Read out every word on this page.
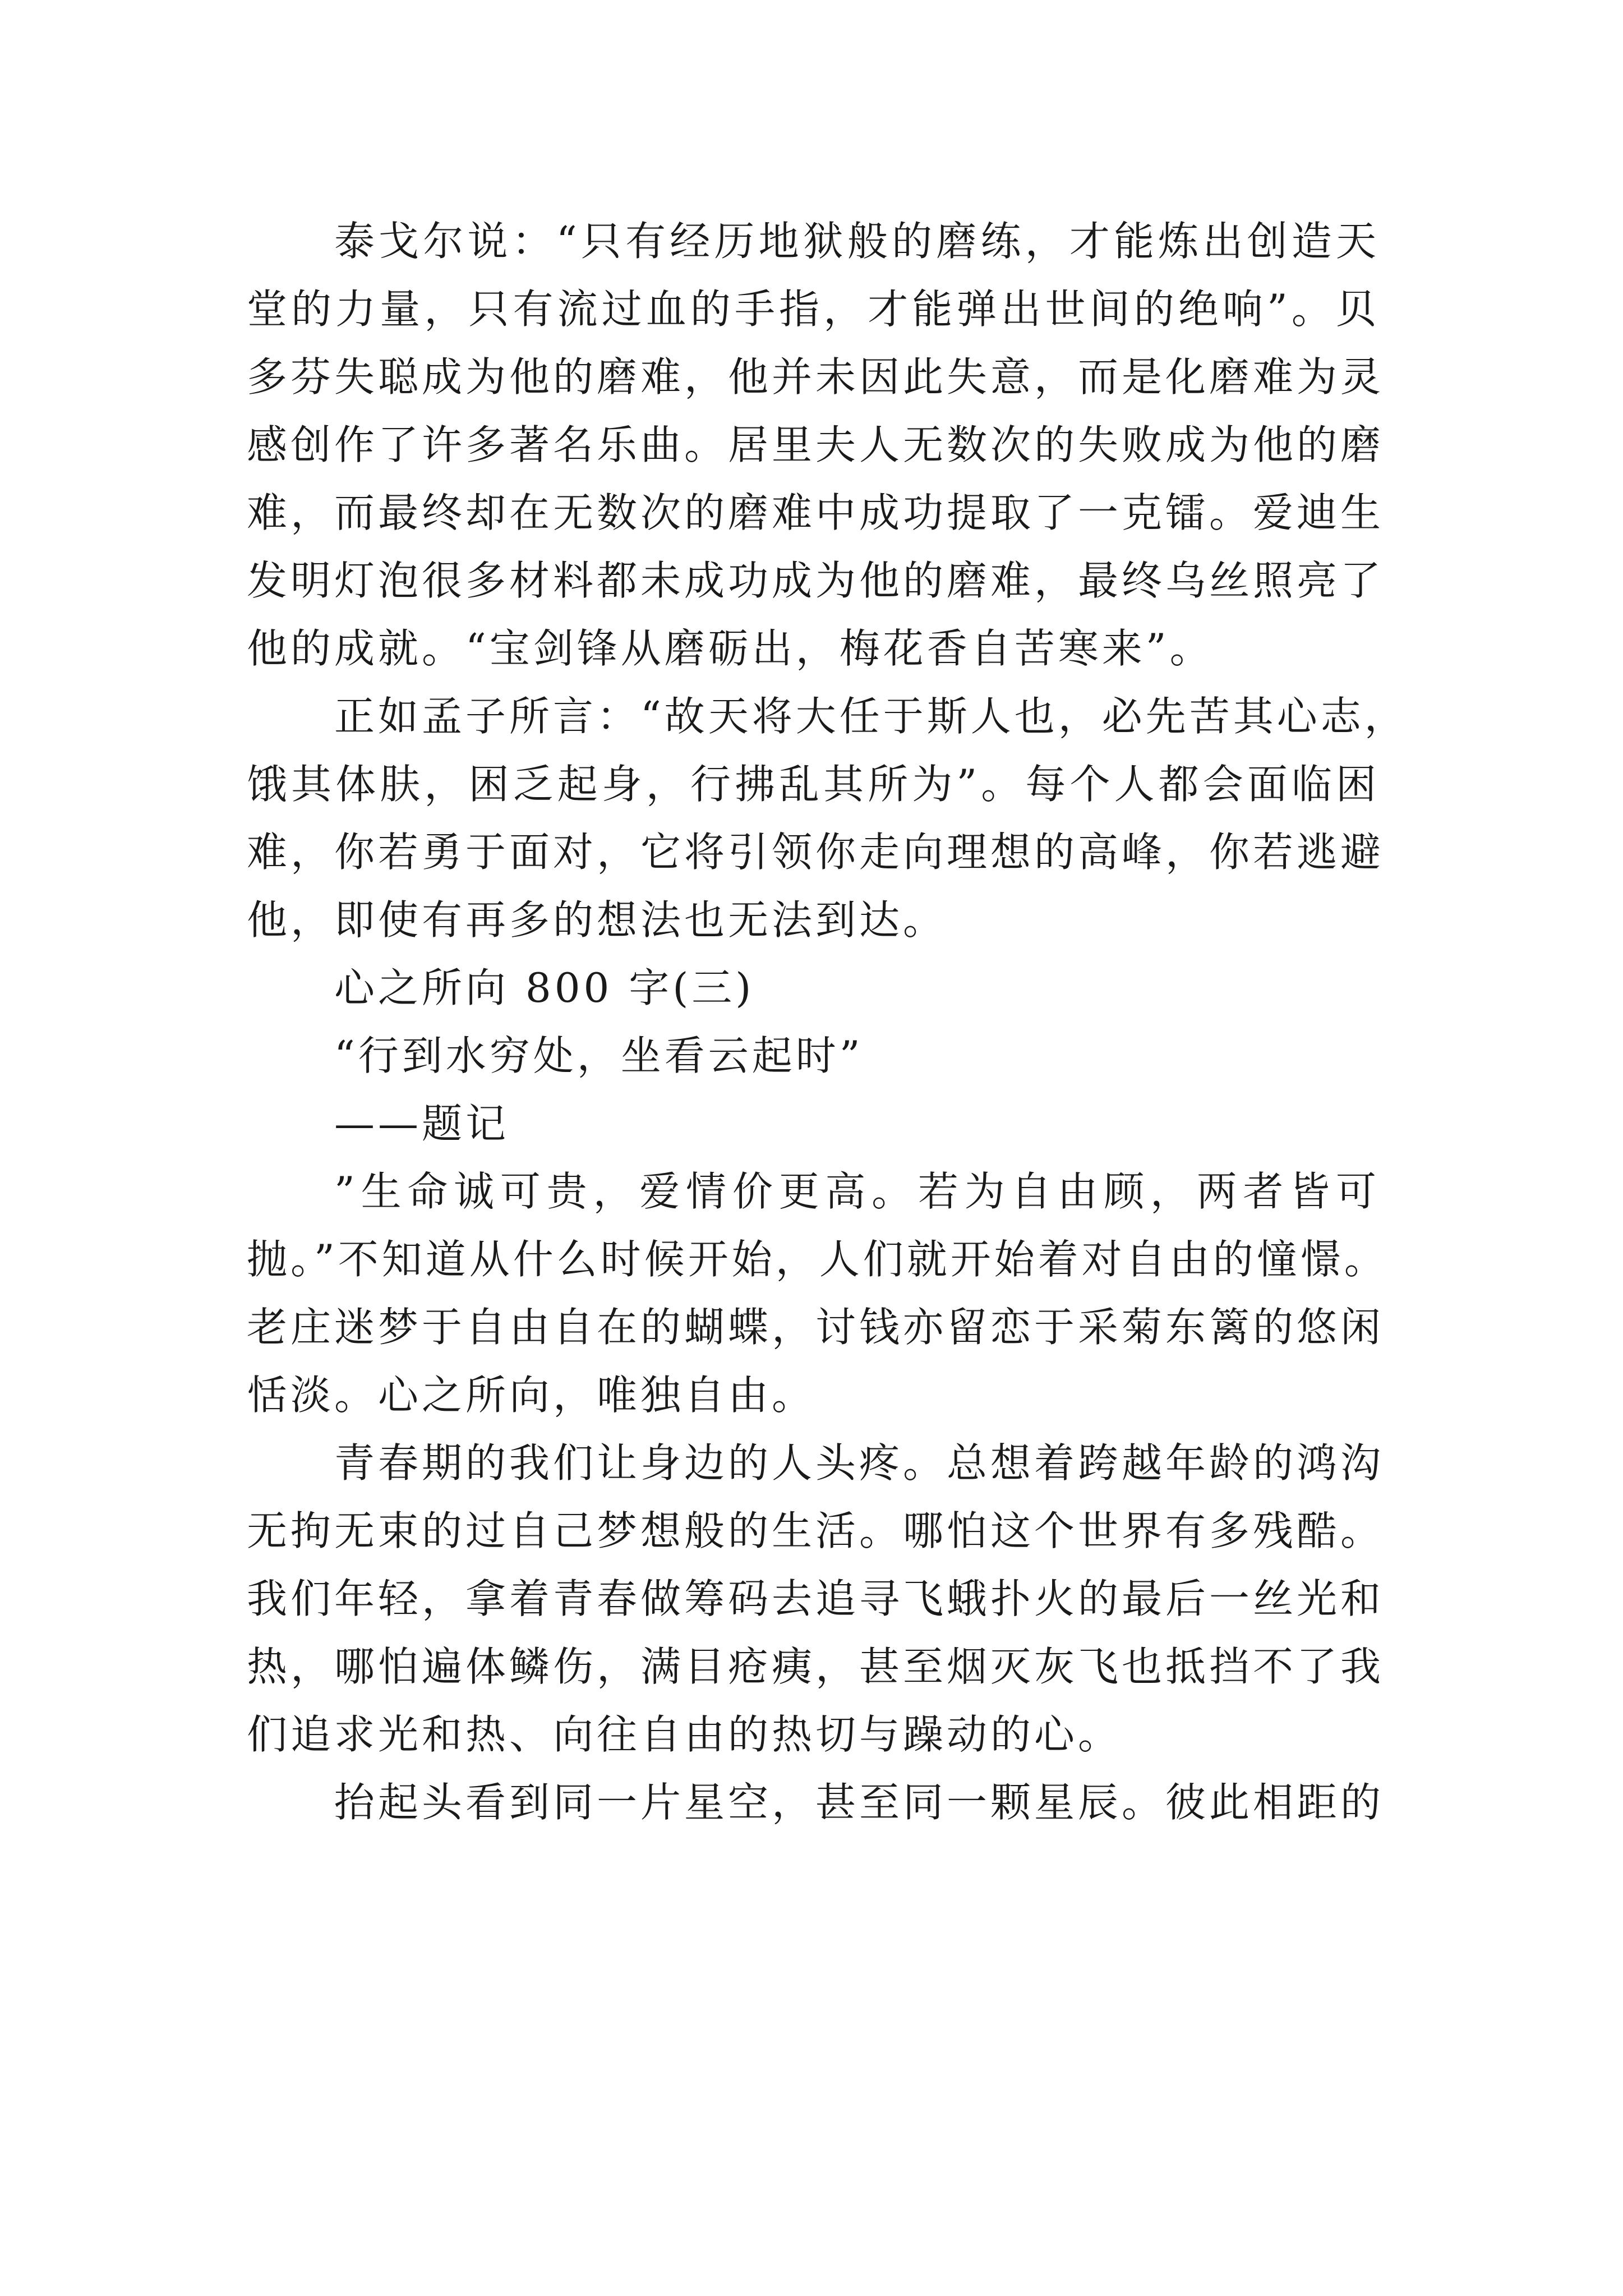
泰戈尔说：“只有经历地狱般的磨练，才能炼出创造天
堂的力量，只有流过血的手指，才能弹出世间的绝响”。贝
多芬失聪成为他的磨难，他并未因此失意，而是化磨难为灵
感创作了许多著名乐曲。居里夫人无数次的失败成为他的磨
难，而最终却在无数次的磨难中成功提取了一克镭。爱迪生
发明灯泡很多材料都未成功成为他的磨难，最终乌丝照亮了
他的成就。“宝剑锋从磨砺出，梅花香自苦寒来”。
正如孟子所言：“故天将大任于斯人也，必先苦其心志，
饿其体肤，困乏起身，行拂乱其所为”。每个人都会面临困
难，你若勇于面对，它将引领你走向理想的高峰，你若逃避
他，即使有再多的想法也无法到达。
心之所向 800 字(三)
“行到水穷处，坐看云起时”
——题记
”生命诚可贵，爱情价更高。若为自由顾，两者皆可
抛。”不知道从什么时候开始，人们就开始着对自由的憧憬。
老庄迷梦于自由自在的蝴蝶，讨钱亦留恋于采菊东篱的悠闲
恬淡。心之所向，唯独自由。
青春期的我们让身边的人头疼。总想着跨越年龄的鸿沟
无拘无束的过自己梦想般的生活。哪怕这个世界有多残酷。
我们年轻，拿着青春做筹码去追寻飞蛾扑火的最后一丝光和
热，哪怕遍体鳞伤，满目疮痍，甚至烟灭灰飞也抵挡不了我
们追求光和热、向往自由的热切与躁动的心。
抬起头看到同一片星空，甚至同一颗星辰。彼此相距的
